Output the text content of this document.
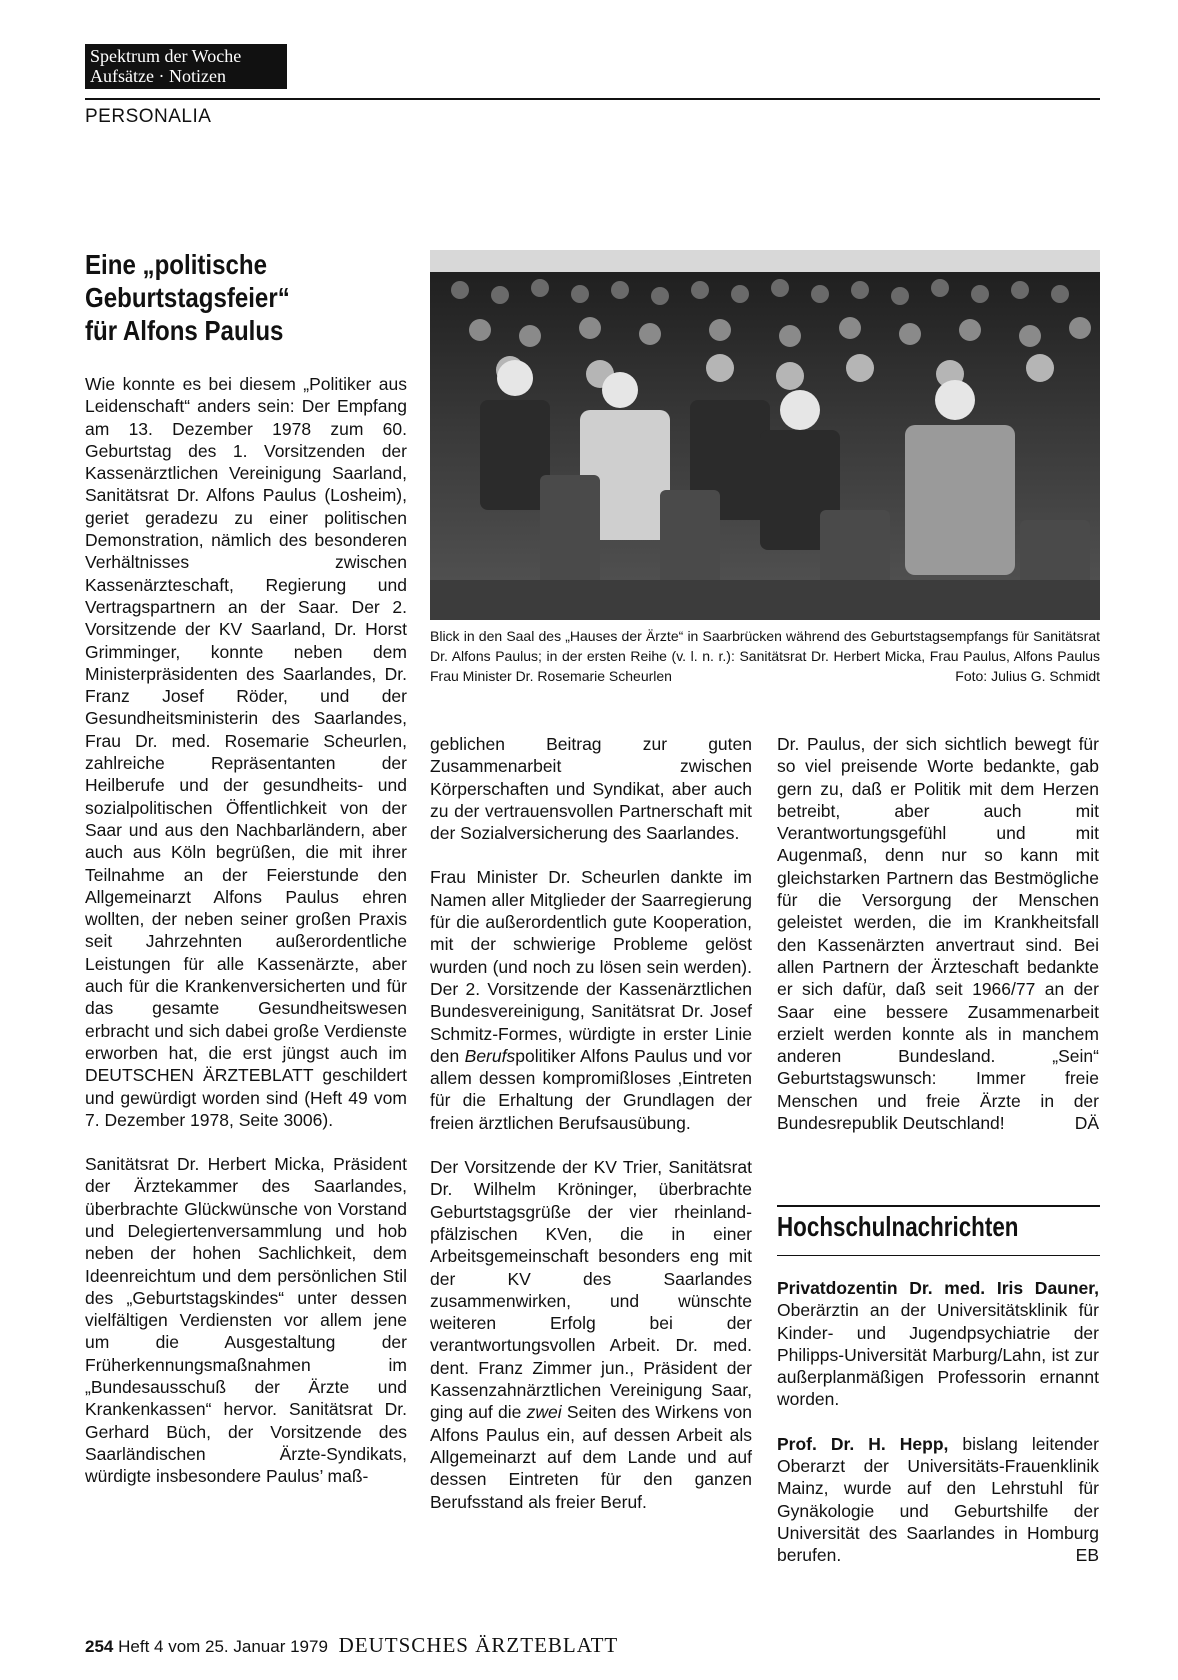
Spektrum der Woche
Aufsätze · Notizen
PERSONALIA
Eine „politische
Geburtstagsfeier“
für Alfons Paulus

Wie konnte es bei diesem „Politiker aus Leidenschaft“ anders sein: Der Empfang am 13. Dezember 1978 zum 60. Geburtstag des 1. Vorsitzenden der Kassenärztlichen Vereinigung Saarland, Sanitätsrat Dr. Alfons Paulus (Losheim), geriet geradezu zu einer politischen Demonstration, nämlich des besonderen Verhältnisses zwischen Kassenärzteschaft, Regierung und Vertragspartnern an der Saar. Der 2. Vorsitzende der KV Saarland, Dr. Horst Grimminger, konnte neben dem Ministerpräsidenten des Saarlandes, Dr. Franz Josef Röder, und der Gesundheitsministerin des Saarlandes, Frau Dr. med. Rosemarie Scheurlen, zahlreiche Repräsentanten der Heilberufe und der gesundheits- und sozialpolitischen Öffentlichkeit von der Saar und aus den Nachbarländern, aber auch aus Köln begrüßen, die mit ihrer Teilnahme an der Feierstunde den Allgemeinarzt Alfons Paulus ehren wollten, der neben seiner großen Praxis seit Jahrzehnten außerordentliche Leistungen für alle Kassenärzte, aber auch für die Krankenversicherten und für das gesamte Gesundheitswesen erbracht und sich dabei große Verdienste erworben hat, die erst jüngst auch im DEUTSCHEN ÄRZTEBLATT geschildert und gewürdigt worden sind (Heft 49 vom 7. Dezember 1978, Seite 3006).

Sanitätsrat Dr. Herbert Micka, Präsident der Ärztekammer des Saarlandes, überbrachte Glückwünsche von Vorstand und Delegiertenversammlung und hob neben der hohen Sachlichkeit, dem Ideenreichtum und dem persönlichen Stil des „Geburtstagskindes“ unter dessen vielfältigen Verdiensten vor allem jene um die Ausgestaltung der Früherkennungsmaßnahmen im „Bundesausschuß der Ärzte und Krankenkassen“ hervor. Sanitätsrat Dr. Gerhard Büch, der Vorsitzende des Saarländischen Ärzte-Syndikats, würdigte insbesondere Paulus’ maß-

Blick in den Saal des „Hauses der Ärzte“ in Saarbrücken während des Geburtstagsempfangs für Sanitätsrat Dr. Alfons Paulus; in der ersten Reihe (v. l. n. r.): Sanitätsrat Dr. Herbert Micka, Frau Paulus, Alfons Paulus Frau Minister Dr. Rosemarie Scheurlen	Foto: Julius G. Schmidt

geblichen Beitrag zur guten Zusammenarbeit zwischen Körperschaften und Syndikat, aber auch zu der vertrauensvollen Partnerschaft mit der Sozialversicherung des Saarlandes.

Frau Minister Dr. Scheurlen dankte im Namen aller Mitglieder der Saarregierung für die außerordentlich gute Kooperation, mit der schwierige Probleme gelöst wurden (und noch zu lösen sein werden). Der 2. Vorsitzende der Kassenärztlichen Bundesvereinigung, Sanitätsrat Dr. Josef Schmitz-Formes, würdigte in erster Linie den Berufspolitiker Alfons Paulus und vor allem dessen kompromißloses ‚Eintreten für die Erhaltung der Grundlagen der freien ärztlichen Berufsausübung.

Der Vorsitzende der KV Trier, Sanitätsrat Dr. Wilhelm Kröninger, überbrachte Geburtstagsgrüße der vier rheinland-pfälzischen KVen, die in einer Arbeitsgemeinschaft besonders eng mit der KV des Saarlandes zusammenwirken, und wünschte weiteren Erfolg bei der verantwortungsvollen Arbeit. Dr. med. dent. Franz Zimmer jun., Präsident der Kassenzahnärztlichen Vereinigung Saar, ging auf die zwei Seiten des Wirkens von Alfons Paulus ein, auf dessen Arbeit als Allgemeinarzt auf dem Lande und auf dessen Eintreten für den ganzen Berufsstand als freier Beruf.

Dr. Paulus, der sich sichtlich bewegt für so viel preisende Worte bedankte, gab gern zu, daß er Politik mit dem Herzen betreibt, aber auch mit Verantwortungsgefühl und mit Augenmaß, denn nur so kann mit gleichstarken Partnern das Bestmögliche für die Versorgung der Menschen geleistet werden, die im Krankheitsfall den Kassenärzten anvertraut sind. Bei allen Partnern der Ärzteschaft bedankte er sich dafür, daß seit 1966/77 an der Saar eine bessere Zusammenarbeit erzielt werden konnte als in manchem anderen Bundesland. „Sein“ Geburtstagswunsch: Immer freie Menschen und freie Ärzte in der Bundesrepublik Deutschland!	DÄ

Hochschulnachrichten

Privatdozentin Dr. med. Iris Dauner, Oberärztin an der Universitätsklinik für Kinder- und Jugendpsychiatrie der Philipps-Universität Marburg/Lahn, ist zur außerplanmäßigen Professorin ernannt worden.

Prof. Dr. H. Hepp, bislang leitender Oberarzt der Universitäts-Frauenklinik Mainz, wurde auf den Lehrstuhl für Gynäkologie und Geburtshilfe der Universität des Saarlandes in Homburg berufen.	EB

254 Heft 4 vom 25. Januar 1979 DEUTSCHES ÄRZTEBLATT
